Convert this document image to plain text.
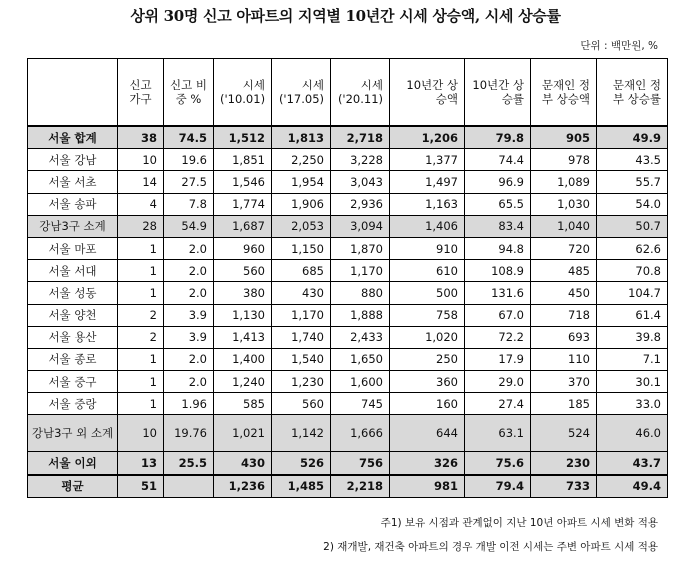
상위 30명 신고 아파트의 지역별 10년간 시세 상승액, 시세 상승률
단위 : 백만원, %
	신고 가구	신고 비중 %	시세 ('10.01)	시세 ('17.05)	시세 ('20.11)	10년간 상승액	10년간 상승률	문재인 정부 상승액	문재인 정부 상승률
서울 합계	38	74.5	1,512	1,813	2,718	1,206	79.8	905	49.9
서울 강남	10	19.6	1,851	2,250	3,228	1,377	74.4	978	43.5
서울 서초	14	27.5	1,546	1,954	3,043	1,497	96.9	1,089	55.7
서울 송파	4	7.8	1,774	1,906	2,936	1,163	65.5	1,030	54.0
강남3구 소계	28	54.9	1,687	2,053	3,094	1,406	83.4	1,040	50.7
서울 마포	1	2.0	960	1,150	1,870	910	94.8	720	62.6
서울 서대	1	2.0	560	685	1,170	610	108.9	485	70.8
서울 성동	1	2.0	380	430	880	500	131.6	450	104.7
서울 양천	2	3.9	1,130	1,170	1,888	758	67.0	718	61.4
서울 용산	2	3.9	1,413	1,740	2,433	1,020	72.2	693	39.8
서울 종로	1	2.0	1,400	1,540	1,650	250	17.9	110	7.1
서울 중구	1	2.0	1,240	1,230	1,600	360	29.0	370	30.1
서울 중랑	1	1.96	585	560	745	160	27.4	185	33.0
강남3구 외 소계	10	19.76	1,021	1,142	1,666	644	63.1	524	46.0
서울 이외	13	25.5	430	526	756	326	75.6	230	43.7
평균	51		1,236	1,485	2,218	981	79.4	733	49.4
주1) 보유 시점과 관계없이 지난 10년 아파트 시세 변화 적용
2) 재개발, 재건축 아파트의 경우 개발 이전 시세는 주변 아파트 시세 적용
